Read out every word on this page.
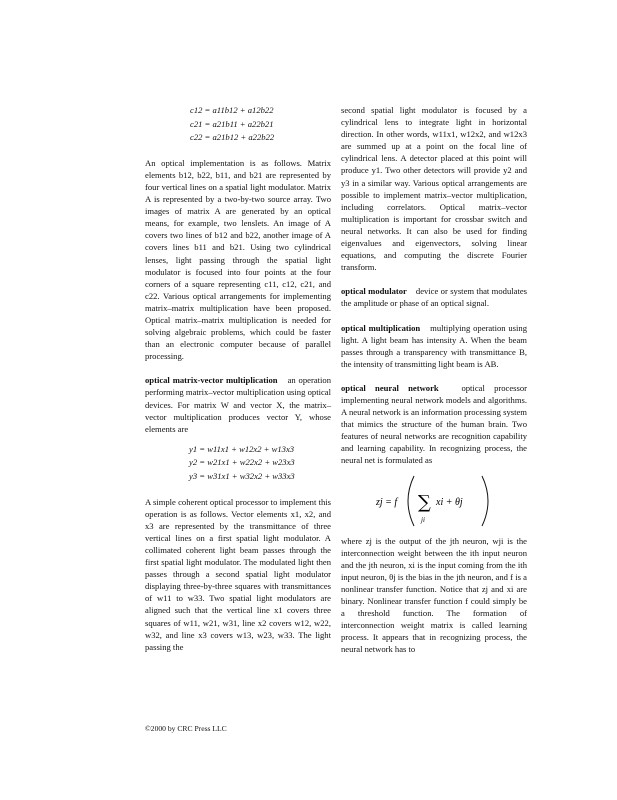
c12 = a11b12 + a12b22
c21 = a21b11 + a22b21
c22 = a21b12 + a22b22

An optical implementation is as follows. Matrix elements b12, b22, b11, and b21 are represented by four vertical lines on a spatial light modulator. Matrix A is represented by a two-by-two source array. Two images of matrix A are generated by an optical means, for example, two lenslets. An image of A covers two lines of b12 and b22, another image of A covers lines b11 and b21. Using two cylindrical lenses, light passing through the spatial light modulator is focused into four points at the four corners of a square representing c11, c12, c21, and c22. Various optical arrangements for implementing matrix–matrix multiplication have been proposed. Optical matrix–matrix multiplication is needed for solving algebraic problems, which could be faster than an electronic computer because of parallel processing.

optical matrix-vector multiplication   an operation performing matrix–vector multiplication using optical devices. For matrix W and vector X, the matrix–vector multiplication produces vector Y, whose elements are

y1 = w11x1 + w12x2 + w13x3
y2 = w21x1 + w22x2 + w23x3
y3 = w31x1 + w32x2 + w33x3

A simple coherent optical processor to implement this operation is as follows. Vector elements x1, x2, and x3 are represented by the transmittance of three vertical lines on a first spatial light modulator. A collimated coherent light beam passes through the first spatial light modulator. The modulated light then passes through a second spatial light modulator displaying three-by-three squares with transmittances of w11 to w33. Two spatial light modulators are aligned such that the vertical line x1 covers three squares of w11, w21, w31, line x2 covers w12, w22, w32, and line x3 covers w13, w23, w33. The light passing the

second spatial light modulator is focused by a cylindrical lens to integrate light in horizontal direction. In other words, w11x1, w12x2, and w12x3 are summed up at a point on the focal line of cylindrical lens. A detector placed at this point will produce y1. Two other detectors will provide y2 and y3 in a similar way. Various optical arrangements are possible to implement matrix–vector multiplication, including correlators. Optical matrix–vector multiplication is important for crossbar switch and neural networks. It can also be used for finding eigenvalues and eigenvectors, solving linear equations, and computing the discrete Fourier transform.

optical modulator   device or system that modulates the amplitude or phase of an optical signal.

optical multiplication   multiplying operation using light. A light beam has intensity A. When the beam passes through a transparency with transmittance B, the intensity of transmitting light beam is AB.

optical neural network  	optical processor implementing neural network models and algorithms. A neural network is an information processing system that mimics the structure of the human brain. Two features of neural networks are recognition capability and learning capability. In recognizing process, the neural net is formulated as

zj = f ∑
ji
xi + θj

where zj is the output of the jth neuron, wji is the interconnection weight between the ith input neuron and the jth neuron, xi is the input coming from the ith input neuron, θj is the bias in the jth neuron, and f is a nonlinear transfer function. Notice that zj and xi are binary. Nonlinear transfer function f could simply be a threshold function. The formation of interconnection weight matrix is called learning process. It appears that in recognizing process, the neural network has to

©2000 by CRC Press LLC
